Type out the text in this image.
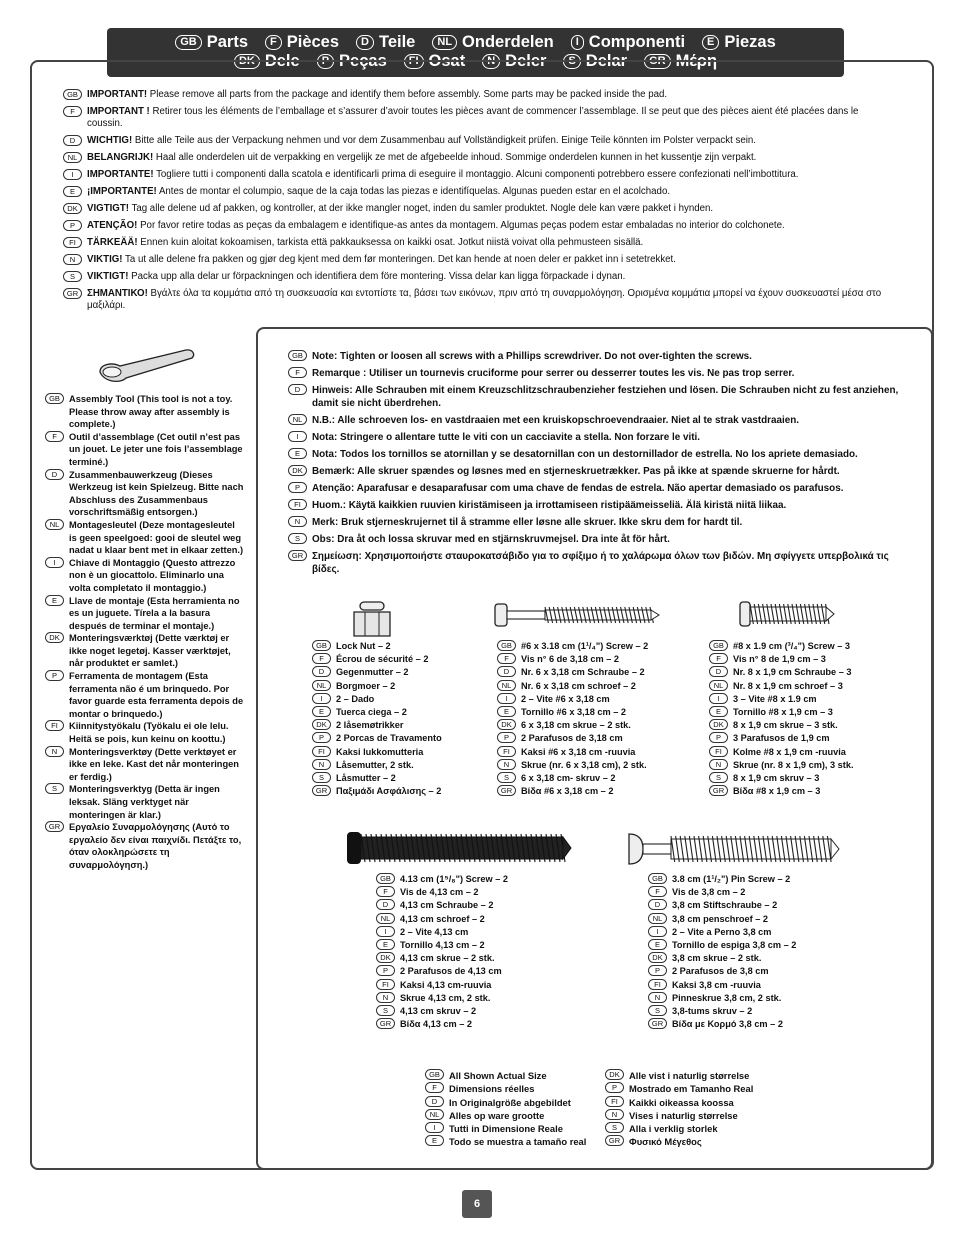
GB Parts	F Pièces	D Teile	NL Onderdelen	I Componenti	E Piezas
DK Dele	P Peças	FI Osat	N Deler	S Delar	GR Μέρη
GB IMPORTANT! Please remove all parts from the package and identify them before assembly. Some parts may be packed inside the pad.
F	IMPORTANT ! Retirer tous les éléments de l’emballage et s’assurer d’avoir toutes les pièces avant de commencer l’assemblage. Il se peut que des pièces aient été placées dans le coussin.
D	WICHTIG! Bitte alle Teile aus der Verpackung nehmen und vor dem Zusammenbau auf Vollständigkeit prüfen. Einige Teile könnten im Polster verpackt sein.
NL	BELANGRIJK! Haal alle onderdelen uit de verpakking en vergelijk ze met de afgebeelde inhoud. Sommige onderdelen kunnen in het kussentje zijn verpakt.
I	IMPORTANTE! Togliere tutti i componenti dalla scatola e identificarli prima di eseguire il montaggio. Alcuni componenti potrebbero essere confezionati nell’imbottitura.
E	¡IMPORTANTE! Antes de montar el columpio, saque de la caja todas las piezas e identifíquelas. Algunas pueden estar en el acolchado.
DK VIGTIGT! Tag alle delene ud af pakken, og kontroller, at der ikke mangler noget, inden du samler produktet. Nogle dele kan være pakket i hynden.
P	ATENÇÃO! Por favor retire todas as peças da embalagem e identifique-as antes da montagem. Algumas peças podem estar embaladas no interior do colchonete.
FI	TÄRKEÄÄ! Ennen kuin aloitat kokoamisen, tarkista että pakkauksessa on kaikki osat. Jotkut niistä voivat olla pehmusteen sisällä.
N	VIKTIG! Ta ut alle delene fra pakken og gjør deg kjent med dem før monteringen. Det kan hende at noen deler er pakket inn i setetrekket.
S	VIKTIGT! Packa upp alla delar ur förpackningen och identifiera dem före montering. Vissa delar kan ligga förpackade i dynan.
GR ΣΗΜΑΝΤΙΚΟ! Βγάλτε όλα τα κομμάτια από τη συσκευασία και εντοπίστε τα, βάσει των εικόνων, πριν από τη συναρμολόγηση. Ορισμένα κομμάτια μπορεί να έχουν συσκευαστεί μέσα στο μαξιλάρι.
GB Assembly Tool (This tool is not a toy. Please throw away after assembly is complete.)
F	Outil d’assemblage (Cet outil n’est pas un jouet. Le jeter une fois l’assemblage terminé.)
D	Zusammenbauwerkzeug (Dieses Werkzeug ist kein Spielzeug. Bitte nach Abschluss des Zusammenbaus vorschriftsmäßig entsorgen.)
NL	Montagesleutel (Deze montagesleutel is geen speelgoed: gooi de sleutel weg nadat u klaar bent met in elkaar zetten.)
I	Chiave di Montaggio (Questo attrezzo non è un giocattolo. Eliminarlo una volta completato il montaggio.)
E	Llave de montaje (Esta herramienta no es un juguete. Tírela a la basura después de terminar el montaje.)
DK Monteringsværktøj (Dette værktøj er ikke noget legetøj. Kasser værktøjet, når produktet er samlet.)
P	Ferramenta de montagem (Esta ferramenta não é um brinquedo. Por favor guarde esta ferramenta depois de montar o brinquedo.)
FI	Kiinnitystyökalu (Työkalu ei ole lelu. Heitä se pois, kun keinu on koottu.)
N	Monteringsverktøy (Dette verktøyet er ikke en leke. Kast det når monteringen er ferdig.)
S	Monteringsverktyg (Detta är ingen leksak. Släng verktyget när monteringen är klar.)
GR Εργαλείο Συναρμολόγησης (Αυτό το εργαλείο δεν είναι παιχνίδι. Πετάξτε το, όταν ολοκληρώσετε τη συναρμολόγηση.)
GB Note: Tighten or loosen all screws with a Phillips screwdriver. Do not over-tighten the screws.
F	Remarque : Utiliser un tournevis cruciforme pour serrer ou desserrer toutes les vis. Ne pas trop serrer.
D	Hinweis: Alle Schrauben mit einem Kreuzschlitzschraubenzieher festziehen und lösen. Die Schrauben nicht zu fest anziehen, damit sie nicht überdrehen.
NL N.B.: Alle schroeven los- en vastdraaien met een kruiskopschroevendraaier. Niet al te strak vastdraaien.
I	Nota: Stringere o allentare tutte le viti con un cacciavite a stella. Non forzare le viti.
E	Nota: Todos los tornillos se atornillan y se desatornillan con un destornillador de estrella. No los apriete demasiado.
DK Bemærk: Alle skruer spændes og løsnes med en stjerneskruetrækker. Pas på ikke at spænde skruerne for hårdt.
P	Atenção: Aparafusar e desaparafusar com uma chave de fendas de estrela. Não apertar demasiado os parafusos.
FI	Huom.: Käytä kaikkien ruuvien kiristämiseen ja irrottamiseen ristipäämeisseliä. Älä kiristä niitä liikaa.
N	Merk: Bruk stjerneskrujernet til å stramme eller løsne alle skruer. Ikke skru dem for hardt til.
S	Obs: Dra åt och lossa skruvar med en stjärnskruvmejsel. Dra inte åt för hårt.
GR Σημείωση: Χρησιμοποιήστε σταυροκατσάβιδο για το σφίξιμο ή το χαλάρωμα όλων των βιδών. Μη σφίγγετε υπερβολικά τις βίδες.
GB Lock Nut – 2
F	Écrou de sécurité – 2
D	Gegenmutter – 2
NL	Borgmoer – 2
I	2 – Dado
E	Tuerca ciega – 2
DK	2 låsemøtrikker
P	2 Porcas de Travamento
FI	Kaksi lukkomutteria
N	Låsemutter, 2 stk.
S	Låsmutter – 2
GR Παξιμάδι Ασφάλισης – 2
GB #6 x 3.18 cm (1¹/₄") Screw – 2
F	Vis n° 6 de 3,18 cm – 2
D	Nr. 6 x 3,18 cm Schraube – 2
NL	Nr. 6 x 3,18 cm schroef – 2
I	2 – Vite #6 x 3,18 cm
E	Tornillo #6 x 3,18 cm – 2
DK	6 x 3,18 cm skrue – 2 stk.
P	2 Parafusos de 3,18 cm
FI	Kaksi #6 x 3,18 cm -ruuvia
N	Skrue (nr. 6 x 3,18 cm), 2 stk.
S	6 x 3,18 cm- skruv – 2
GR Βίδα #6 x 3,18 cm – 2
GB #8 x 1.9 cm (³/₄") Screw – 3
F	Vis n° 8 de 1,9 cm – 3
D	Nr. 8 x 1,9 cm Schraube – 3
NL	Nr. 8 x 1,9 cm schroef – 3
I	3 – Vite #8 x 1.9 cm
E	Tornillo #8 x 1,9 cm – 3
DK	8 x 1,9 cm skrue – 3 stk.
P	3 Parafusos de 1,9 cm
FI	Kolme #8 x 1,9 cm -ruuvia
N	Skrue (nr. 8 x 1,9 cm), 3 stk.
S	8 x 1,9 cm skruv – 3
GR Βίδα #8 x 1,9 cm – 3
GB 4.13 cm (1⁵/₈") Screw – 2
F	Vis de 4,13 cm – 2
D	4,13 cm Schraube – 2
NL	4,13 cm schroef – 2
I	2 – Vite 4,13 cm
E	Tornillo 4,13 cm – 2
DK	4,13 cm skrue – 2 stk.
P	2 Parafusos de 4,13 cm
FI	Kaksi 4,13 cm-ruuvia
N	Skrue 4,13 cm, 2 stk.
S	4,13 cm skruv – 2
GR Βίδα 4,13 cm – 2
GB 3.8 cm (1¹/₂") Pin Screw – 2
F	Vis de 3,8 cm – 2
D	3,8 cm Stiftschraube – 2
NL	3,8 cm penschroef – 2
I	2 – Vite a Perno 3,8 cm
E	Tornillo de espiga 3,8 cm – 2
DK	3,8 cm skrue – 2 stk.
P	2 Parafusos de 3,8 cm
FI	Kaksi 3,8 cm -ruuvia
N	Pinneskrue 3,8 cm, 2 stk.
S	3,8-tums skruv – 2
GR Βίδα με Κορμό 3,8 cm – 2
GB All Shown Actual Size
F	Dimensions réelles
D	In Originalgröße abgebildet
NL	Alles op ware grootte
I	Tutti in Dimensione Reale
E	Todo se muestra a tamaño real
DK Alle vist i naturlig størrelse
P	Mostrado em Tamanho Real
FI	Kaikki oikeassa koossa
N	Vises i naturlig størrelse
S	Alla i verklig storlek
GR Φυσικό Μέγεθος
6
